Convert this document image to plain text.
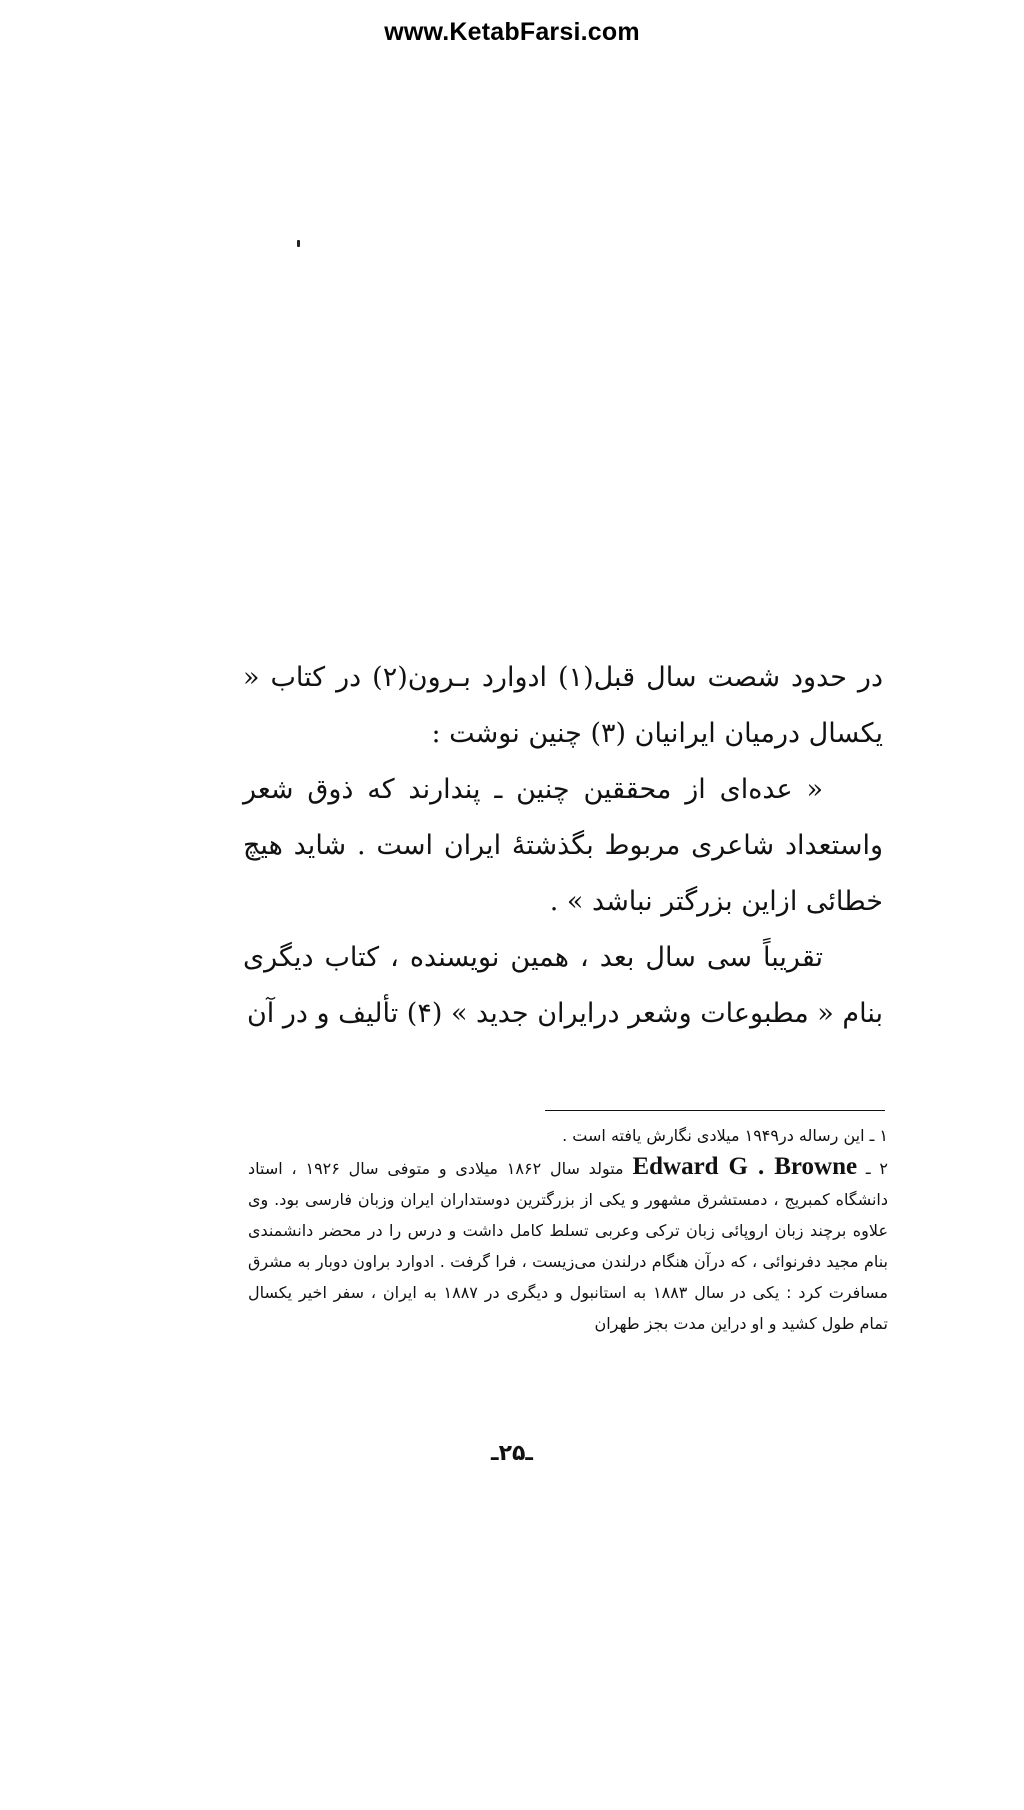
www.KetabFarsi.com

در حدود شصت سال قبل(۱) ادوارد بـرون(۲) در کتاب « یکسال درمیان ایرانیان (۳) چنین نوشت :

« عده‌ای از محققین چنین ـ پندارند که ذوق شعر واستعداد شاعری مربوط بگذشتهٔ ایران است . شاید هیچ خطائی ازاین بزرگتر نباشد » .

تقریباً سی سال بعد ، همین نویسنده ، کتاب دیگری بنام « مطبوعات وشعر درایران جدید » (۴) تألیف و در آن

۱ ـ این رساله در۱۹۴۹ میلادی نگارش یافته است .

۲ ـ Edward G . Browne متولد سال ۱۸۶۲ میلادی و متوفی سال ۱۹۲۶ ، استاد دانشگاه کمبریج ، دمستشرق مشهور و یکی از بزرگترین دوستداران ایران وزبان فارسی بود. وی علاوه برچند زبان اروپائی زبان ترکی وعربی تسلط کامل داشت و درس را در محضر دانشمندی بنام مجید دفرنوائی ، که درآن هنگام درلندن می‌زیست ، فرا گرفت . ادوارد براون دوبار به مشرق مسافرت کرد : یکی در سال ۱۸۸۳ به استانبول و دیگری در ۱۸۸۷ به ایران ، سفر اخیر یکسال تمام طول کشید و او دراین مدت بجز طهران

ـ۲۵ـ
